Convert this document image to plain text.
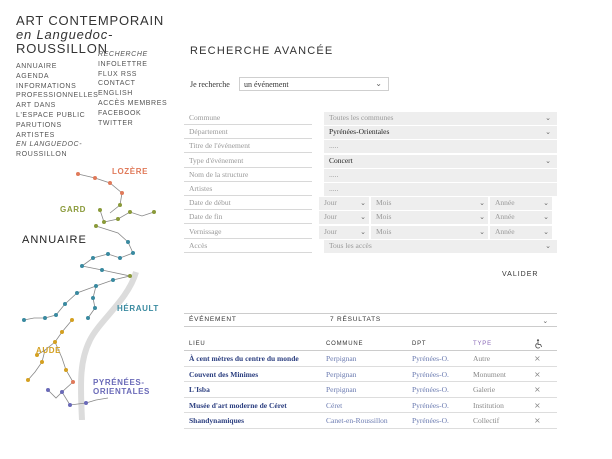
ART CONTEMPORAIN
en Languedoc-
ROUSSILLON
ANNUAIRE
AGENDA
INFORMATIONS
PROFESSIONNELLES
ART DANS
L'ESPACE PUBLIC
PARUTIONS
ARTISTES
EN LANGUEDOC-
ROUSSILLON
RECHERCHE
INFOLETTRE
FLUX RSS
CONTACT
ENGLISH
ACCÈS MEMBRES
FACEBOOK
TWITTER
ANNUAIRE
LOZÈRE
GARD
HÉRAULT
AUDE
PYRÉNÉES-
ORIENTALES
RECHERCHE AVANCÉE
Je recherche	un événement	⌄
Commune	Toutes les communes	⌄
Département	Pyrénées-Orientales	⌄
Titre de l'événement	.....
Type d'événement	Concert	⌄
Nom de la structure	.....
Artistes	.....
Date de début	Jour	⌄	Mois	⌄	Année	⌄
Date de fin	Jour	⌄	Mois	⌄	Année	⌄
Vernissage	Jour	⌄	Mois	⌄	Année	⌄
Accès	Tous les accès	⌄
VALIDER
ÉVÉNEMENT	7 RÉSULTATS	⌄
LIEU	COMMUNE	DPT	TYPE
À cent mètres du centre du monde	Perpignan	Pyrénées-O.	Autre	×
Couvent des Minimes	Perpignan	Pyrénées-O.	Monument	×
L'Isba	Perpignan	Pyrénées-O.	Galerie	×
Musée d'art moderne de Céret	Céret	Pyrénées-O.	Institution	×
Shandynamiques	Canet-en-Roussillon	Pyrénées-O.	Collectif	×
